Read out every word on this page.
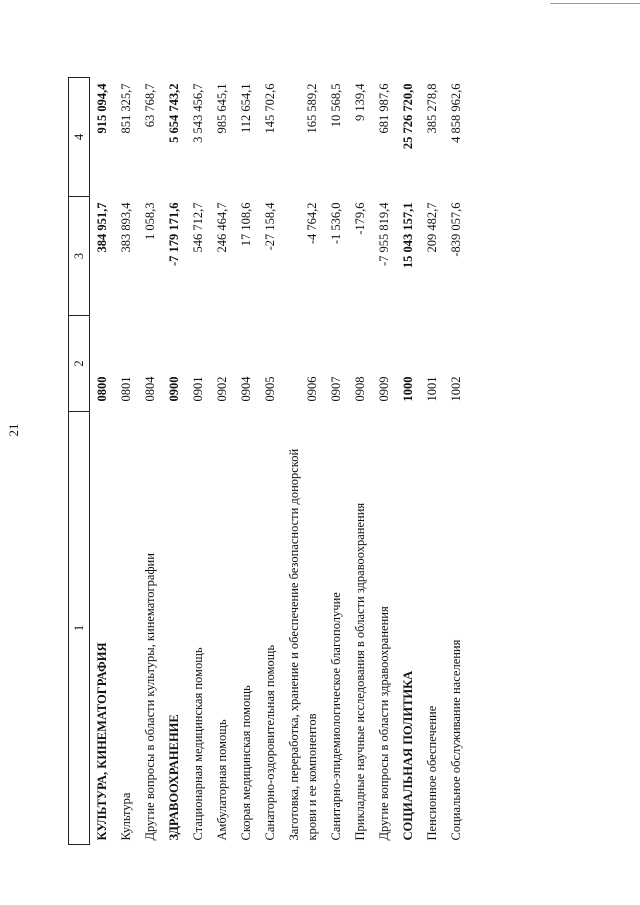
21
1	2	3	4
КУЛЬТУРА, КИНЕМАТОГРАФИЯ	0800	384 951,7	915 094,4
Культура	0801	383 893,4	851 325,7
Другие вопросы в области культуры, кинематографии	0804	1 058,3	63 768,7
ЗДРАВООХРАНЕНИЕ	0900	-7 179 171,6	5 654 743,2
Стационарная медицинская помощь	0901	546 712,7	3 543 456,7
Амбулаторная помощь	0902	246 464,7	985 645,1
Скорая медицинская помощь	0904	17 108,6	112 654,1
Санаторно-оздоровительная помощь	0905	-27 158,4	145 702,6
Заготовка, переработка, хранение и обеспечение безопасности донорской крови и ее компонентов	0906	-4 764,2	165 589,2
Санитарно-эпидемиологическое благополучие	0907	-1 536,0	10 568,5
Прикладные научные исследования в области здравоохранения	0908	-179,6	9 139,4
Другие вопросы в области здравоохранения	0909	-7 955 819,4	681 987,6
СОЦИАЛЬНАЯ ПОЛИТИКА	1000	15 043 157,1	25 726 720,0
Пенсионное обеспечение	1001	209 482,7	385 278,8
Социальное обслуживание населения	1002	-839 057,6	4 858 962,6
